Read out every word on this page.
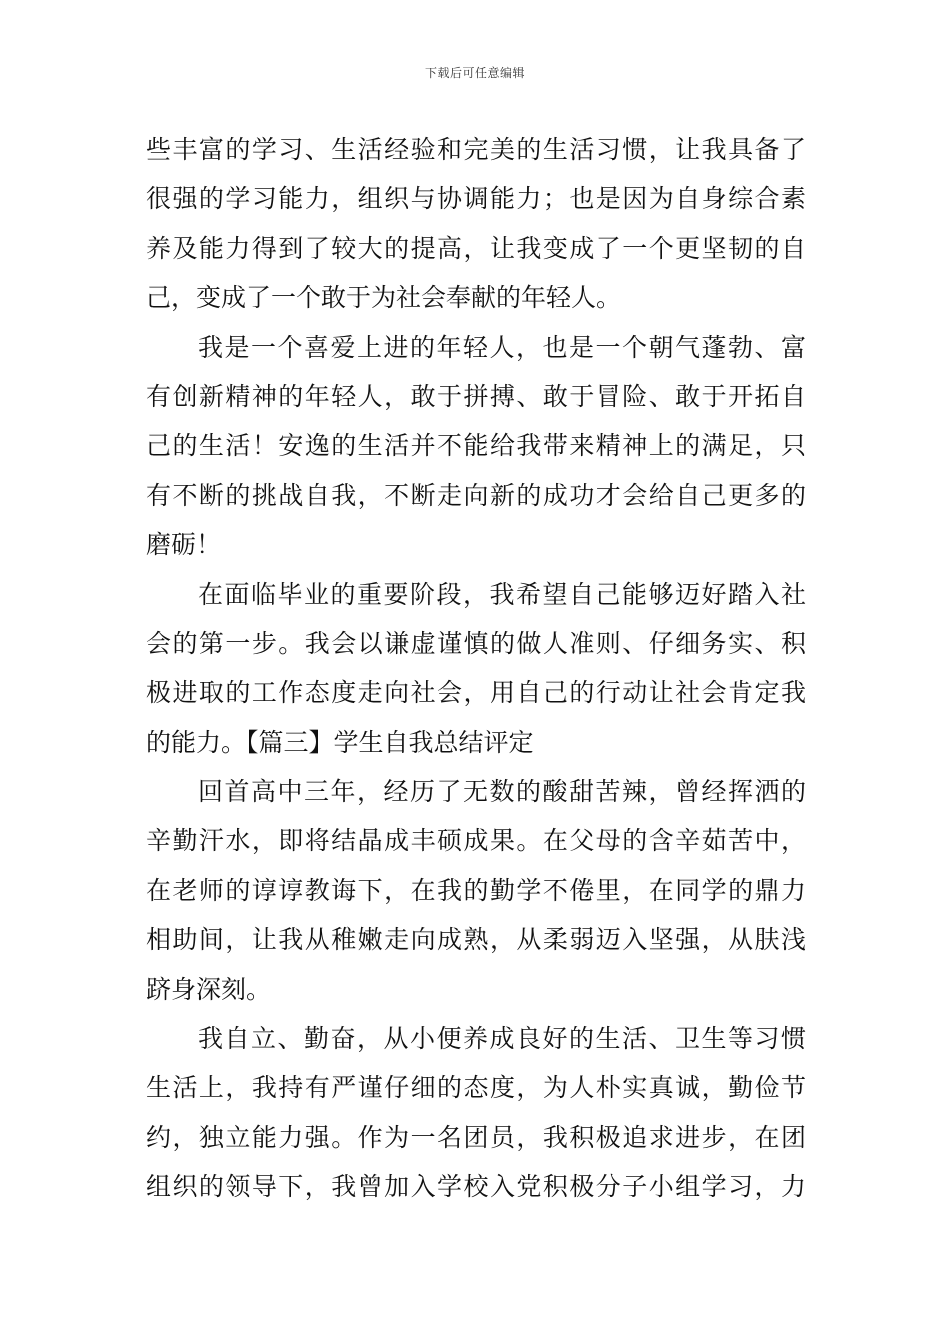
下载后可任意编辑
些丰富的学习、生活经验和完美的生活习惯，让我具备了
很强的学习能力，组织与协调能力；也是因为自身综合素
养及能力得到了较大的提高，让我变成了一个更坚韧的自
己，变成了一个敢于为社会奉献的年轻人。
我是一个喜爱上进的年轻人，也是一个朝气蓬勃、富
有创新精神的年轻人，敢于拼搏、敢于冒险、敢于开拓自
己的生活！安逸的生活并不能给我带来精神上的满足，只
有不断的挑战自我，不断走向新的成功才会给自己更多的
磨砺！
在面临毕业的重要阶段，我希望自己能够迈好踏入社
会的第一步。我会以谦虚谨慎的做人准则、仔细务实、积
极进取的工作态度走向社会，用自己的行动让社会肯定我
的能力。【篇三】学生自我总结评定
回首高中三年，经历了无数的酸甜苦辣，曾经挥洒的
辛勤汗水，即将结晶成丰硕成果。在父母的含辛茹苦中，
在老师的谆谆教诲下，在我的勤学不倦里，在同学的鼎力
相助间，让我从稚嫩走向成熟，从柔弱迈入坚强，从肤浅
跻身深刻。
我自立、勤奋，从小便养成良好的生活、卫生等习惯
生活上，我持有严谨仔细的态度，为人朴实真诚，勤俭节
约，独立能力强。作为一名团员，我积极追求进步，在团
组织的领导下，我曾加入学校入党积极分子小组学习，力
